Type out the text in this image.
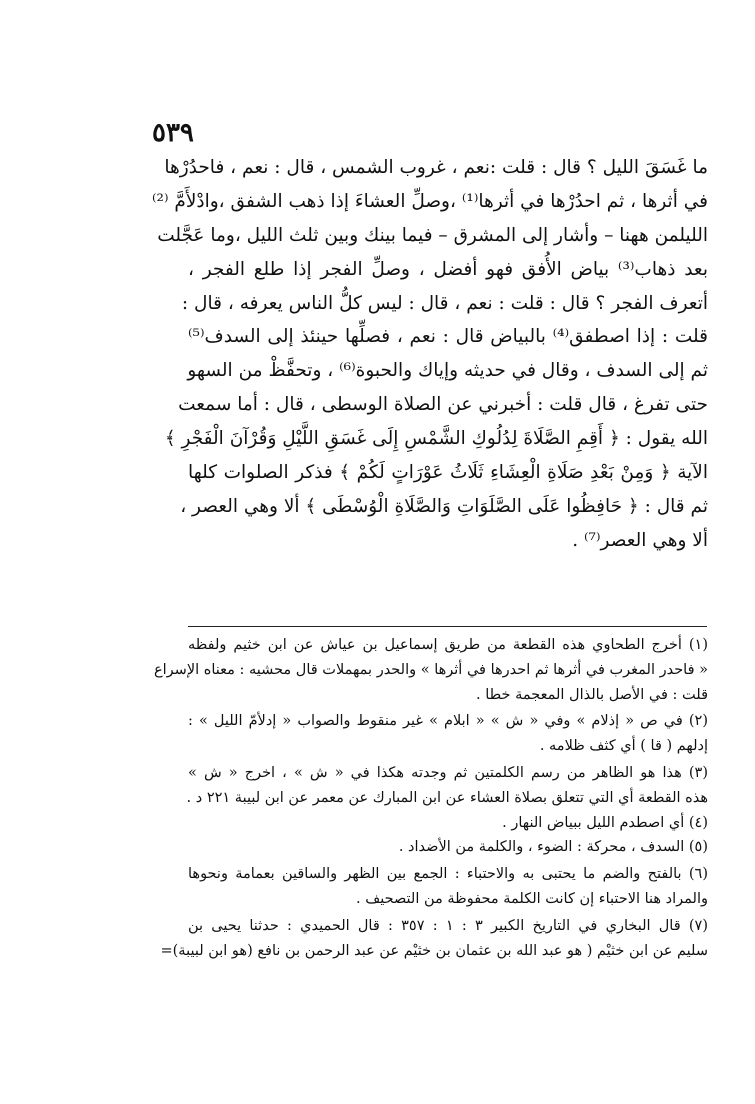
٥٣٩
ما غَسَقَ الليل ؟ قال : قلت :نعم ، غروب الشمس ، قال : نعم ، فاحدُرْها
في أثرها ، ثم احدُرْها في أثرها⁽¹⁾ ،وصلِّ العشاءَ إذا ذهب الشفق ،وادْلأَمَّ ⁽²⁾
الليلمن ههنا – وأشار إلى المشرق – فيما بينك وبين ثلث الليل ،وما عَجَّلت
بعد ذهاب⁽³⁾ بياض الأُفق فهو أفضل ، وصلِّ الفجر إذا طلع الفجر ،
أتعرف الفجر ؟ قال : قلت : نعم ، قال : ليس كلُّ الناس يعرفه ، قال :
قلت : إذا اصطفق⁽⁴⁾ بالبياض قال : نعم ، فصلِّها حينئذ إلى السدف⁽⁵⁾
ثم إلى السدف ، وقال في حديثه وإياك والحبوة⁽⁶⁾ ، وتحفَّظْ من السهو
حتى تفرغ ، قال قلت : أخبرني عن الصلاة الوسطى ، قال : أما سمعت
الله يقول : ﴿ أَقِمِ الصَّلَاةَ لِدُلُوكِ الشَّمْسِ إِلَى غَسَقِ اللَّيْلِ وَقُرْآنَ الْفَجْرِ ﴾
الآية ﴿ وَمِنْ بَعْدِ صَلَاةِ الْعِشَاءِ ثَلَاثُ عَوْرَاتٍ لَكُمْ ﴾ فذكر الصلوات كلها
ثم قال : ﴿ حَافِظُوا عَلَى الصَّلَوَاتِ وَالصَّلَاةِ الْوُسْطَى ﴾ ألا وهي العصر ،
ألا وهي العصر⁽⁷⁾ .
(١) أخرج الطحاوي هذه القطعة من طريق إسماعيل بن عياش عن ابن خثيم ولفظه
« فاحدر المغرب في أثرها ثم احدرها في أثرها » والحدر بمهملات قال محشيه : معناه الإسراع
قلت : في الأصل بالذال المعجمة خطا .
(٢) في ص « إذلام » وفي « ش » « ابلام » غير منقوط والصواب « إدلأمّ الليل » :
إدلهم ( قا ) أي كثف ظلامه .
(٣) هذا هو الظاهر من رسم الكلمتين ثم وجدته هكذا في « ش » ، اخرج « ش »
هذه القطعة أي التي تتعلق بصلاة العشاء عن ابن المبارك عن معمر عن ابن لبيبة ٢٢١ د .
(٤) أي اصطدم الليل ببياض النهار .
(٥) السدف ، محركة : الضوء ، والكلمة من الأضداد .
(٦) بالفتح والضم ما يحتبى به والاحتباء : الجمع بين الظهر والساقين بعمامة ونحوها
والمراد هنا الاحتباء إن كانت الكلمة محفوظة من التصحيف .
(٧) قال البخاري في التاريخ الكبير ٣ : ١ : ٣٥٧ : قال الحميدي : حدثنا يحيى بن
سليم عن ابن خثيْم ( هو عبد الله بن عثمان بن خثيْم عن عبد الرحمن بن نافع (هو ابن لبيبة)=
